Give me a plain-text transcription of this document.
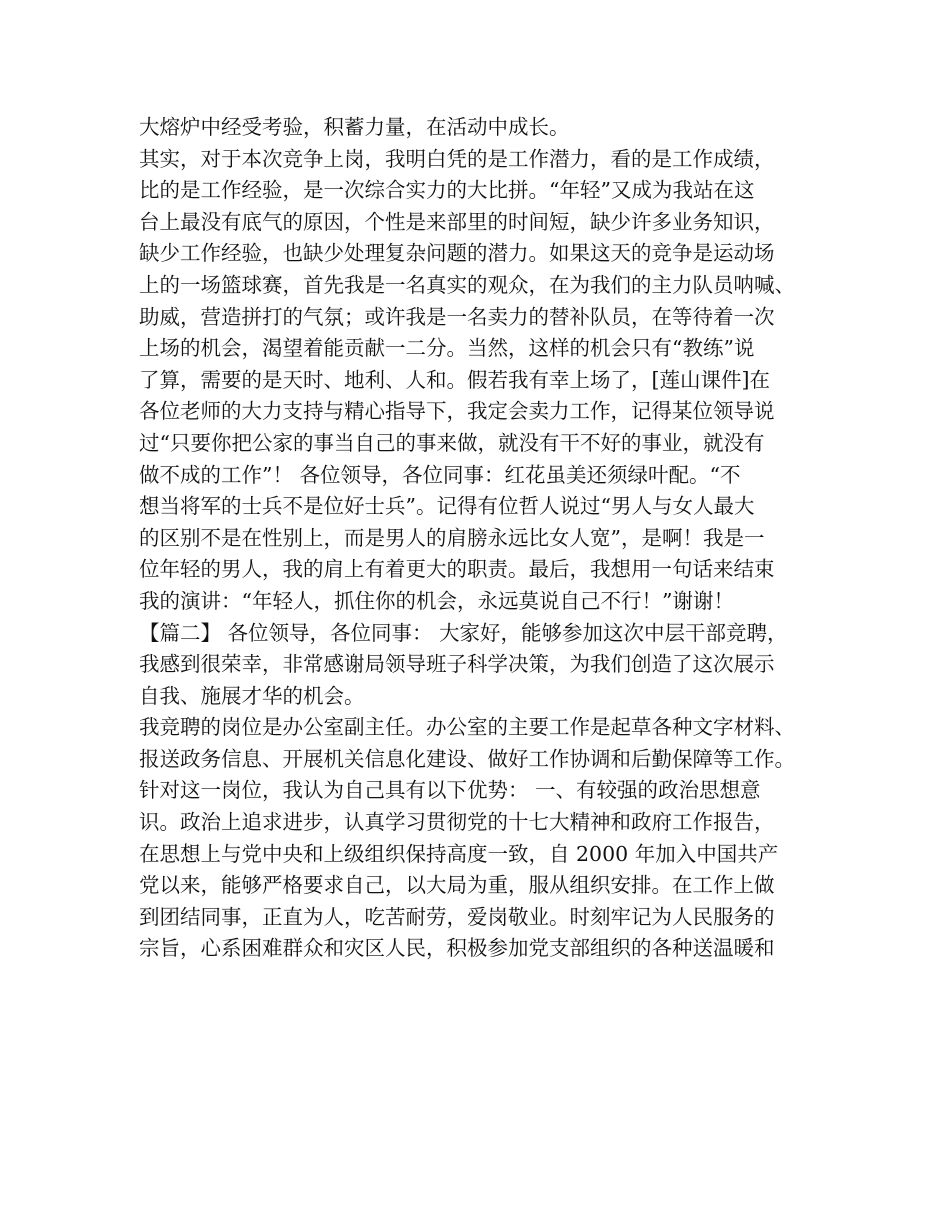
大熔炉中经受考验，积蓄力量，在活动中成长。
其实，对于本次竞争上岗，我明白凭的是工作潜力，看的是工作成绩，
比的是工作经验，是一次综合实力的大比拼。“年轻”又成为我站在这
台上最没有底气的原因，个性是来部里的时间短，缺少许多业务知识，
缺少工作经验，也缺少处理复杂问题的潜力。如果这天的竞争是运动场
上的一场篮球赛，首先我是一名真实的观众，在为我们的主力队员呐喊、
助威，营造拼打的气氛；或许我是一名卖力的替补队员，在等待着一次
上场的机会，渴望着能贡献一二分。当然，这样的机会只有“教练”说
了算，需要的是天时、地利、人和。假若我有幸上场了，[莲山课件]在
各位老师的大力支持与精心指导下，我定会卖力工作，记得某位领导说
过“只要你把公家的事当自己的事来做，就没有干不好的事业，就没有
做不成的工作”！ 各位领导，各位同事：红花虽美还须绿叶配。“不
想当将军的士兵不是位好士兵”。记得有位哲人说过“男人与女人最大
的区别不是在性别上，而是男人的肩膀永远比女人宽”，是啊！我是一
位年轻的男人，我的肩上有着更大的职责。最后，我想用一句话来结束
我的演讲：“年轻人，抓住你的机会，永远莫说自己不行！”谢谢！
【篇二】 各位领导，各位同事： 大家好，能够参加这次中层干部竞聘，
我感到很荣幸，非常感谢局领导班子科学决策，为我们创造了这次展示
自我、施展才华的机会。
我竞聘的岗位是办公室副主任。办公室的主要工作是起草各种文字材料、
报送政务信息、开展机关信息化建设、做好工作协调和后勤保障等工作。
针对这一岗位，我认为自己具有以下优势： 一、有较强的政治思想意
识。政治上追求进步，认真学习贯彻党的十七大精神和政府工作报告，
在思想上与党中央和上级组织保持高度一致，自 2000 年加入中国共产
党以来，能够严格要求自己，以大局为重，服从组织安排。在工作上做
到团结同事，正直为人，吃苦耐劳，爱岗敬业。时刻牢记为人民服务的
宗旨，心系困难群众和灾区人民，积极参加党支部组织的各种送温暖和
